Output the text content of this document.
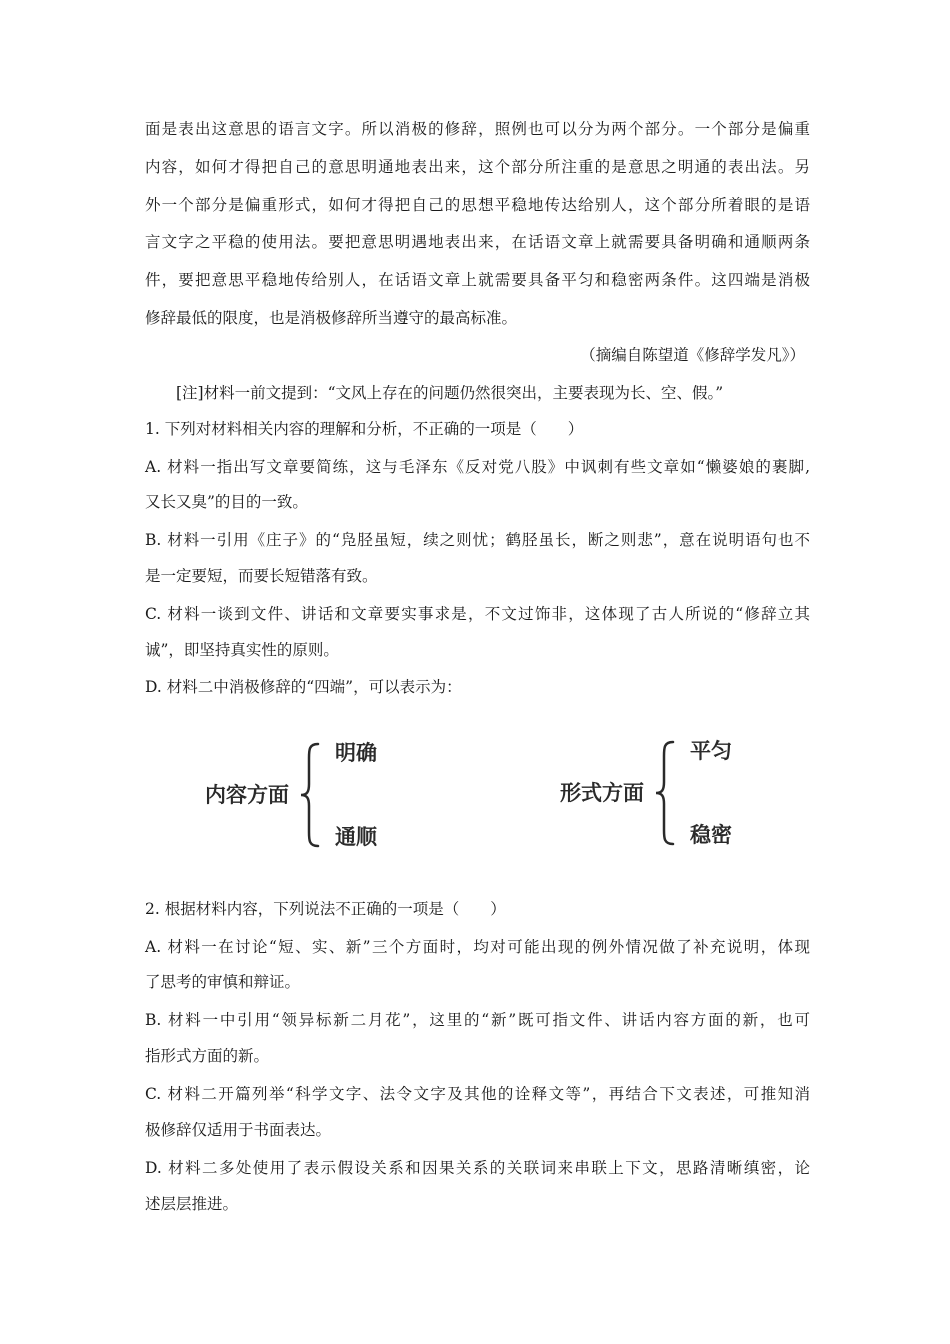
面是表出这意思的语言文字。所以消极的修辞，照例也可以分为两个部分。一个部分是偏重
内容，如何才得把自己的意思明通地表出来，这个部分所注重的是意思之明通的表出法。另
外一个部分是偏重形式，如何才得把自己的思想平稳地传达给别人，这个部分所着眼的是语
言文字之平稳的使用法。要把意思明遇地表出来，在话语文章上就需要具备明确和通顺两条
件，要把意思平稳地传给别人，在话语文章上就需要具备平匀和稳密两条件。这四端是消极
修辞最低的限度，也是消极修辞所当遵守的最高标准。
（摘编自陈望道《修辞学发凡》）
[注]材料一前文提到：“文风上存在的问题仍然很突出，主要表现为长、空、假。”
1. 下列对材料相关内容的理解和分析，不正确的一项是（　　）
A. 材料一指出写文章要简练，这与毛泽东《反对党八股》中讽刺有些文章如“懒婆娘的裹脚,
又长又臭”的目的一致。
B. 材料一引用《庄子》的“凫胫虽短，续之则忧；鹤胫虽长，断之则悲”，意在说明语句也不
是一定要短，而要长短错落有致。
C. 材料一谈到文件、讲话和文章要实事求是，不文过饰非，这体现了古人所说的“修辞立其
诚”，即坚持真实性的原则。
D. 材料二中消极修辞的“四端”，可以表示为：
内容方面
明确
通顺
形式方面
平匀
稳密
2. 根据材料内容，下列说法不正确的一项是（　　）
A. 材料一在讨论“短、实、新”三个方面时，均对可能出现的例外情况做了补充说明，体现
了思考的审慎和辩证。
B. 材料一中引用“领异标新二月花”，这里的“新”既可指文件、讲话内容方面的新，也可
指形式方面的新。
C. 材料二开篇列举“科学文字、法令文字及其他的诠释文等”，再结合下文表述，可推知消
极修辞仅适用于书面表达。
D. 材料二多处使用了表示假设关系和因果关系的关联词来串联上下文，思路清晰缜密，论
述层层推进。
